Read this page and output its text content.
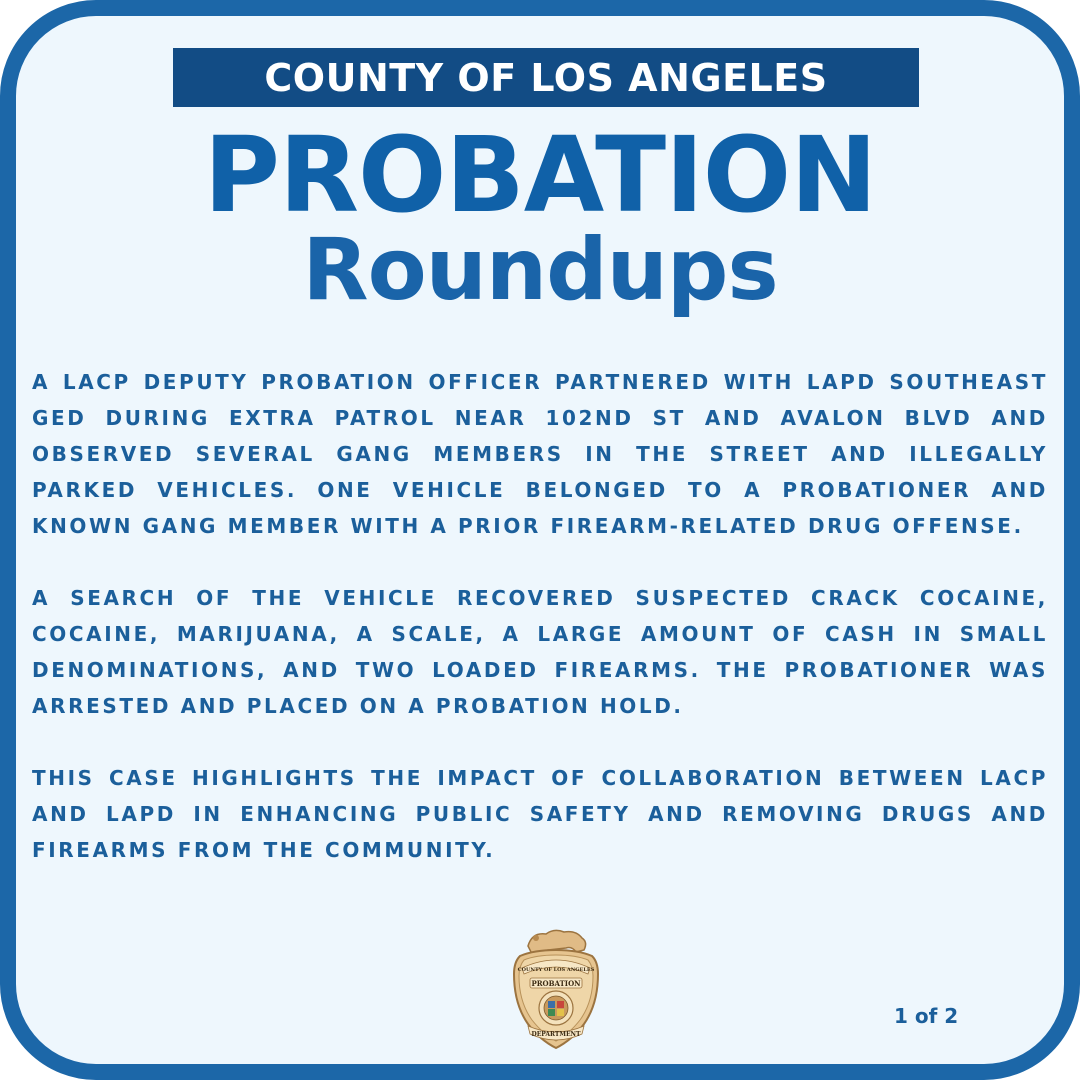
COUNTY OF LOS ANGELES
PROBATION
Roundups

A LACP DEPUTY PROBATION OFFICER PARTNERED WITH LAPD SOUTHEAST GED DURING EXTRA PATROL NEAR 102ND ST AND AVALON BLVD AND OBSERVED SEVERAL GANG MEMBERS IN THE STREET AND ILLEGALLY PARKED VEHICLES. ONE VEHICLE BELONGED TO A PROBATIONER AND KNOWN GANG MEMBER WITH A PRIOR FIREARM-RELATED DRUG OFFENSE.

A SEARCH OF THE VEHICLE RECOVERED SUSPECTED CRACK COCAINE, COCAINE, MARIJUANA, A SCALE, A LARGE AMOUNT OF CASH IN SMALL DENOMINATIONS, AND TWO LOADED FIREARMS. THE PROBATIONER WAS ARRESTED AND PLACED ON A PROBATION HOLD.

THIS CASE HIGHLIGHTS THE IMPACT OF COLLABORATION BETWEEN LACP AND LAPD IN ENHANCING PUBLIC SAFETY AND REMOVING DRUGS AND FIREARMS FROM THE COMMUNITY.

COUNTY OF LOS ANGELES
PROBATION
DEPARTMENT
1 of 2
